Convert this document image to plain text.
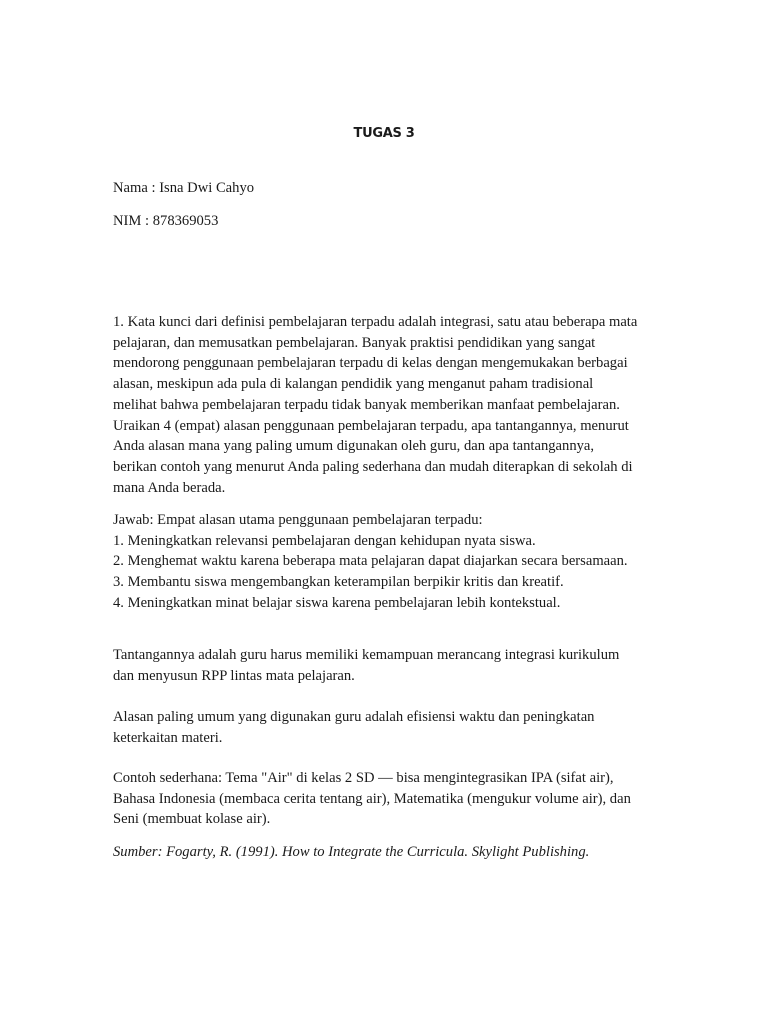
TUGAS 3
Nama : Isna Dwi Cahyo
NIM : 878369053
1. Kata kunci dari definisi pembelajaran terpadu adalah integrasi, satu atau beberapa mata
pelajaran, dan memusatkan pembelajaran. Banyak praktisi pendidikan yang sangat
mendorong penggunaan pembelajaran terpadu di kelas dengan mengemukakan berbagai
alasan, meskipun ada pula di kalangan pendidik yang menganut paham tradisional
melihat bahwa pembelajaran terpadu tidak banyak memberikan manfaat pembelajaran.
Uraikan 4 (empat) alasan penggunaan pembelajaran terpadu, apa tantangannya, menurut
Anda alasan mana yang paling umum digunakan oleh guru, dan apa tantangannya,
berikan contoh yang menurut Anda paling sederhana dan mudah diterapkan di sekolah di
mana Anda berada.
Jawab: Empat alasan utama penggunaan pembelajaran terpadu:
1. Meningkatkan relevansi pembelajaran dengan kehidupan nyata siswa.
2. Menghemat waktu karena beberapa mata pelajaran dapat diajarkan secara bersamaan.
3. Membantu siswa mengembangkan keterampilan berpikir kritis dan kreatif.
4. Meningkatkan minat belajar siswa karena pembelajaran lebih kontekstual.
Tantangannya adalah guru harus memiliki kemampuan merancang integrasi kurikulum
dan menyusun RPP lintas mata pelajaran.
Alasan paling umum yang digunakan guru adalah efisiensi waktu dan peningkatan
keterkaitan materi.
Contoh sederhana: Tema "Air" di kelas 2 SD — bisa mengintegrasikan IPA (sifat air),
Bahasa Indonesia (membaca cerita tentang air), Matematika (mengukur volume air), dan
Seni (membuat kolase air).
Sumber: Fogarty, R. (1991). How to Integrate the Curricula. Skylight Publishing.
